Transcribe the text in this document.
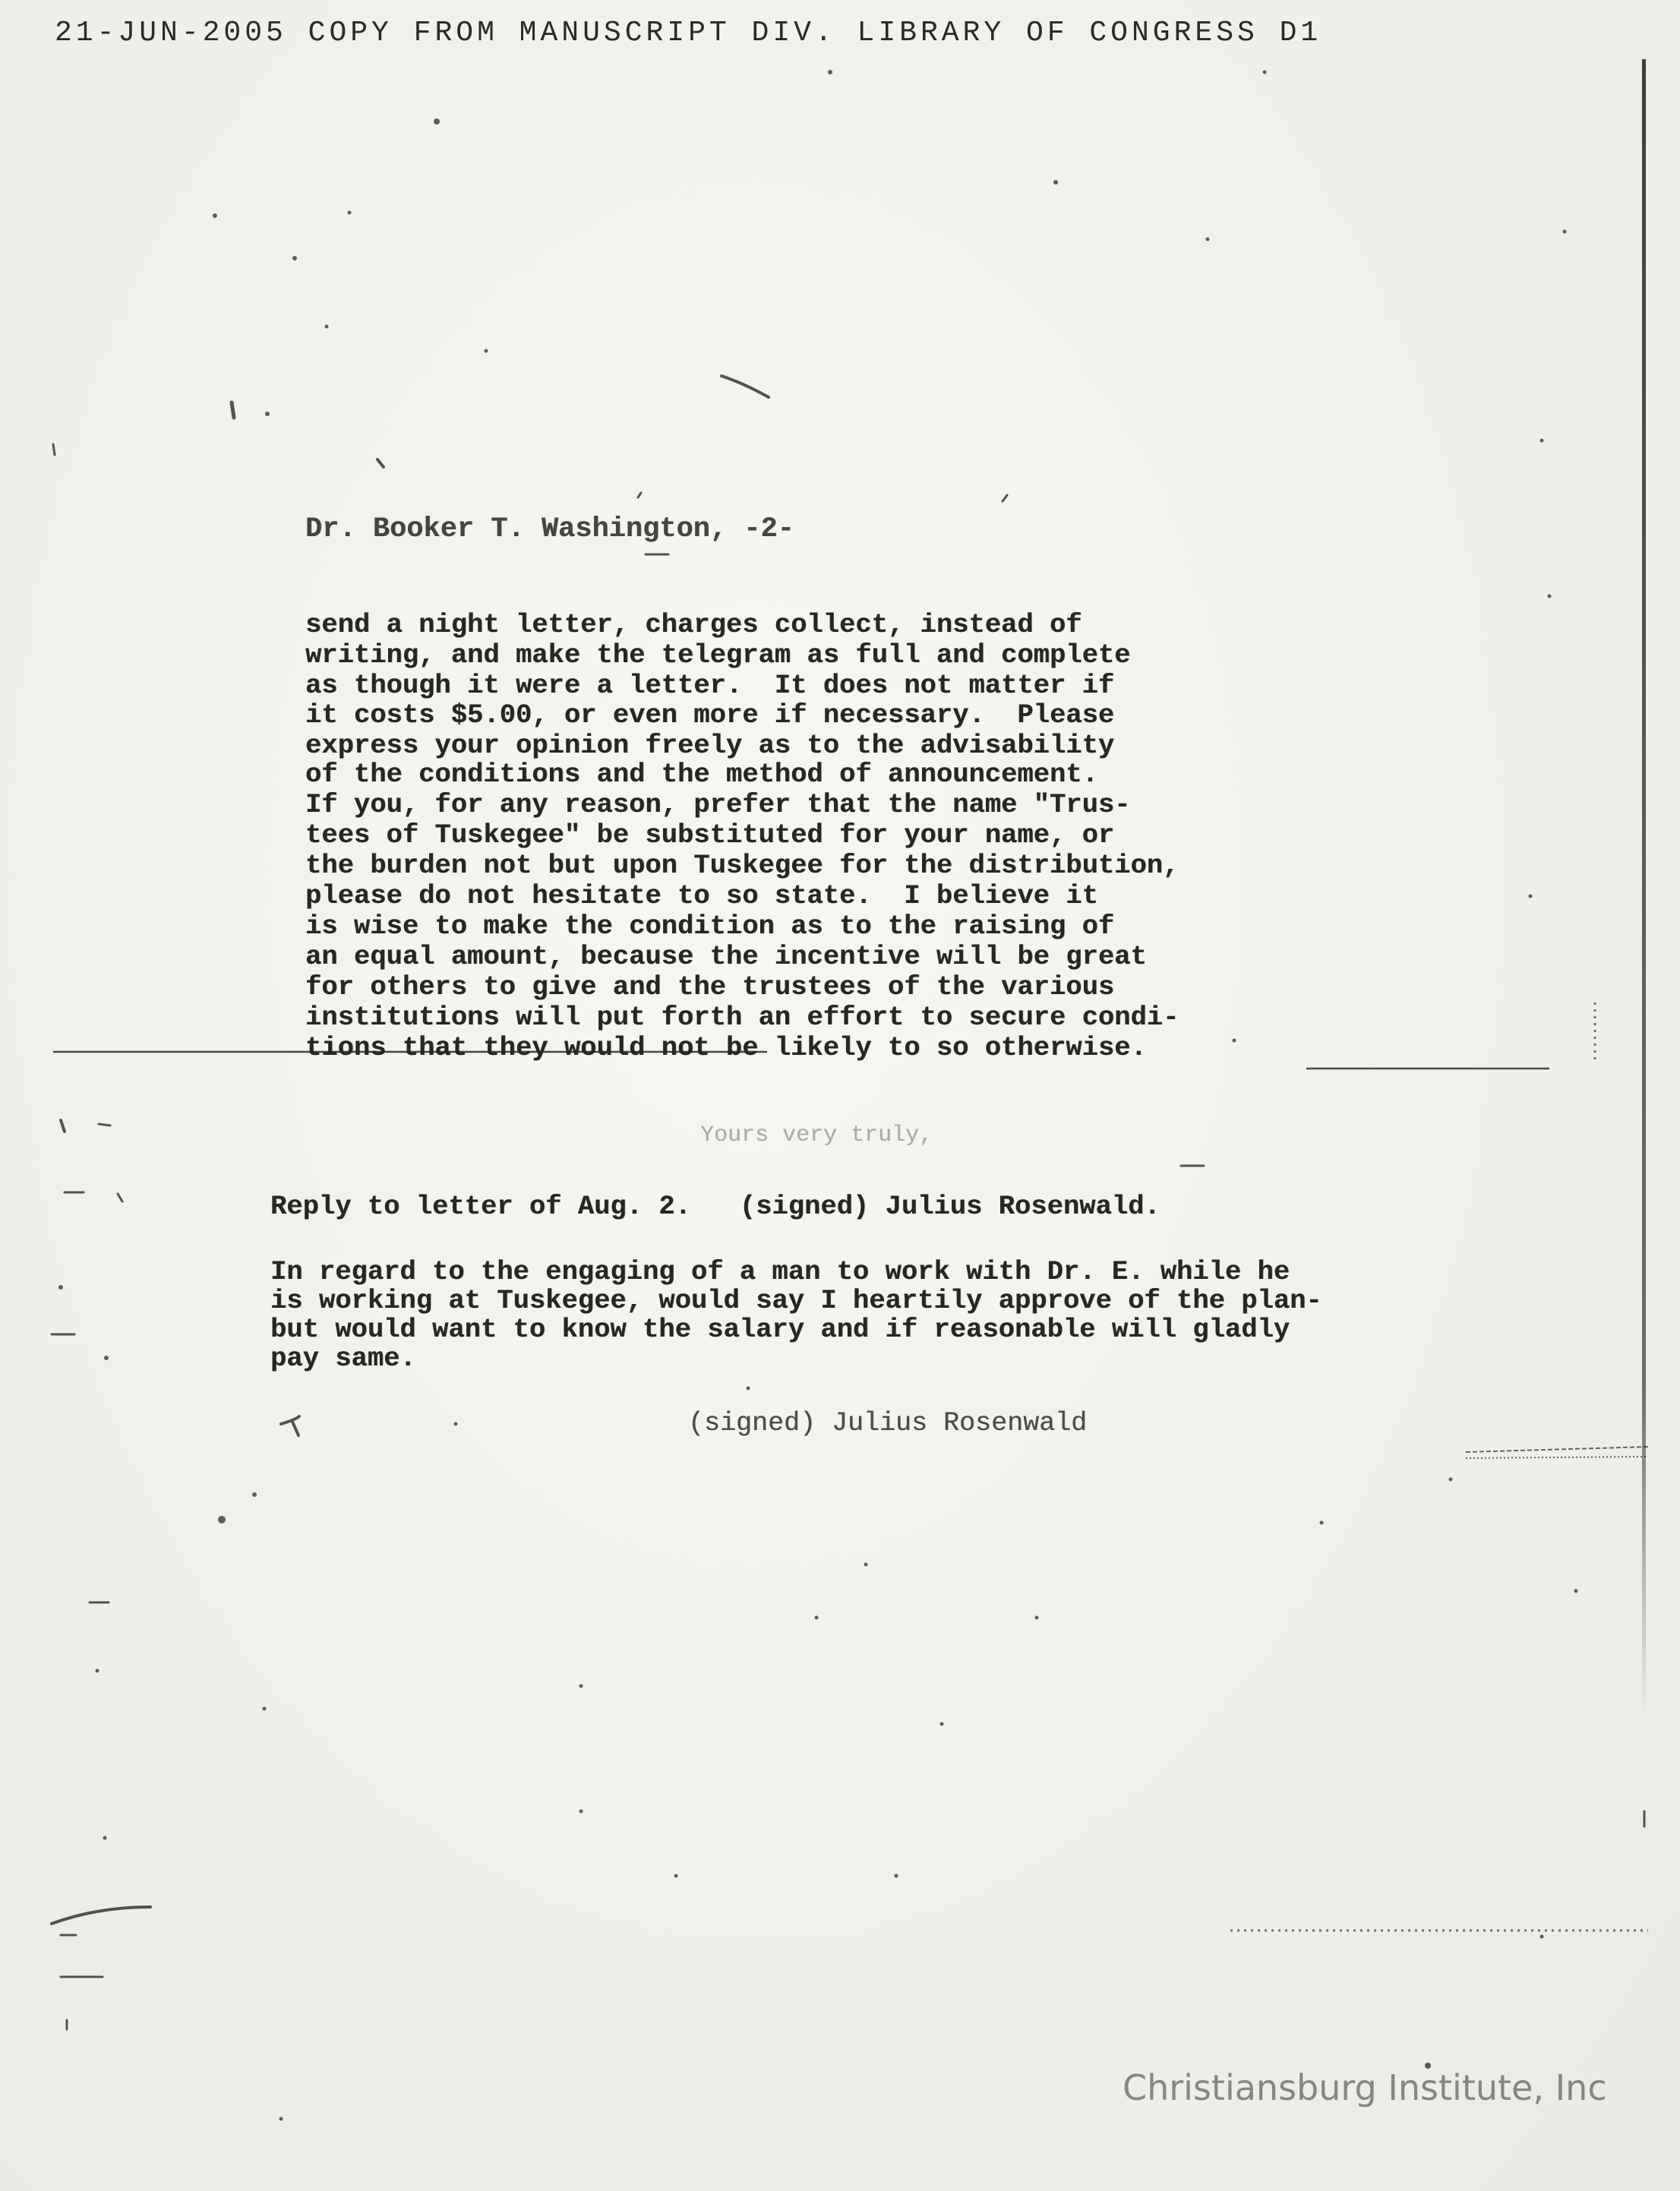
21-JUN-2005 COPY FROM MANUSCRIPT DIV. LIBRARY OF CONGRESS D1
Dr. Booker T. Washington, -2-
send a night letter, charges collect, instead of
writing, and make the telegram as full and complete
as though it were a letter.  It does not matter if
it costs $5.00, or even more if necessary.  Please
express your opinion freely as to the advisability
of the conditions and the method of announcement.
If you, for any reason, prefer that the name "Trus-
tees of Tuskegee" be substituted for your name, or
the burden not but upon Tuskegee for the distribution,
please do not hesitate to so state.  I believe it
is wise to make the condition as to the raising of
an equal amount, because the incentive will be great
for others to give and the trustees of the various
institutions will put forth an effort to secure condi-
tions that they would not be likely to so otherwise.
Yours very truly,
Reply to letter of Aug. 2.   (signed) Julius Rosenwald.
In regard to the engaging of a man to work with Dr. E. while he
is working at Tuskegee, would say I heartily approve of the plan-
but would want to know the salary and if reasonable will gladly
pay same.
(signed) Julius Rosenwald
Christiansburg Institute, Inc
